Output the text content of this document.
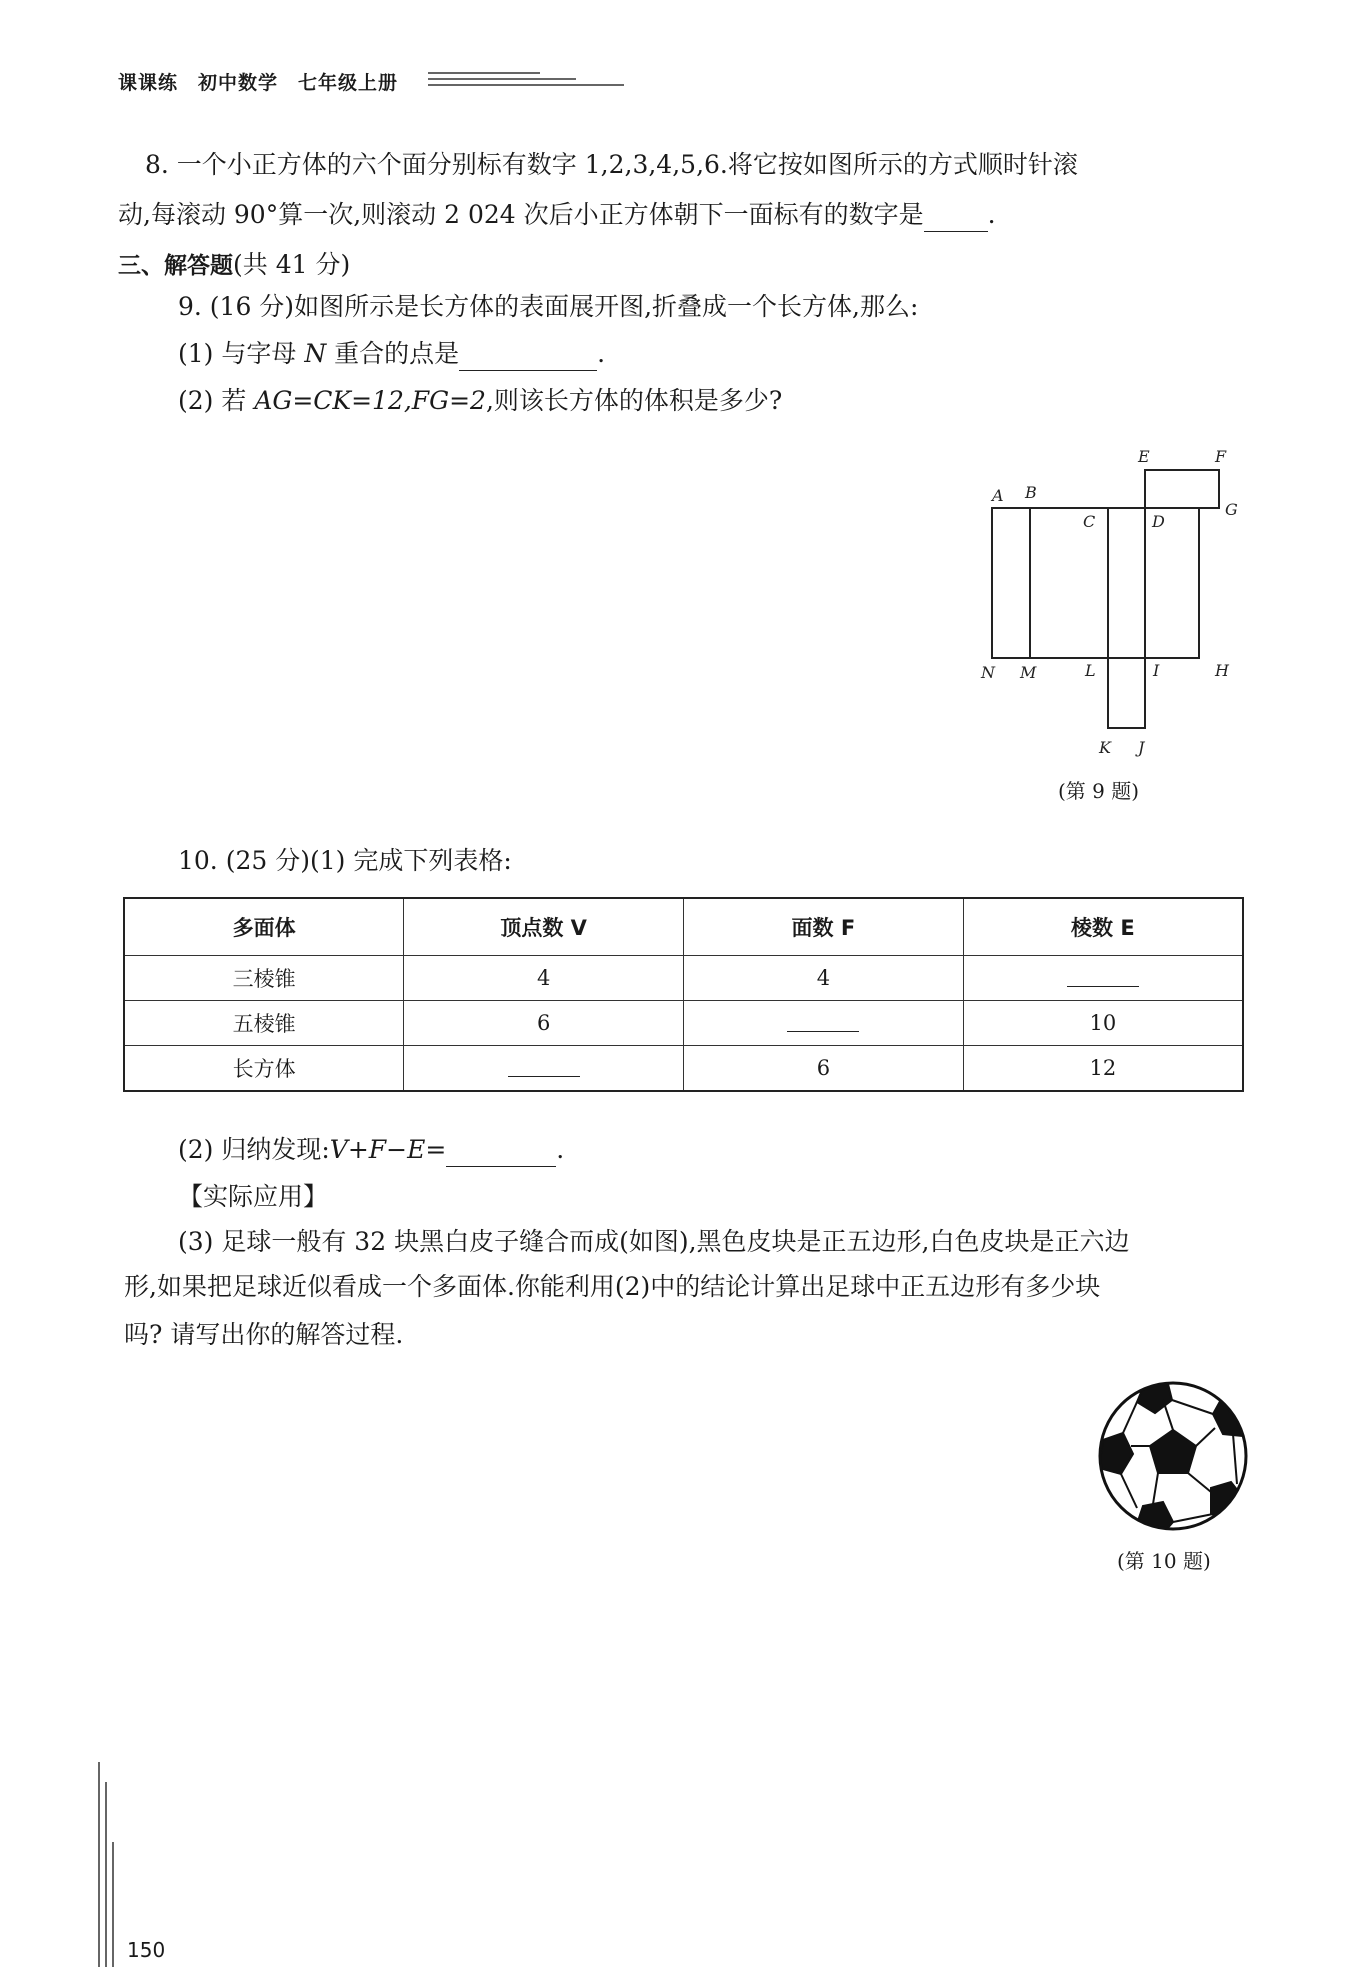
课课练　初中数学　七年级上册
8. 一个小正方体的六个面分别标有数字 1,2,3,4,5,6.将它按如图所示的方式顺时针滚
动,每滚动 90°算一次,则滚动 2 024 次后小正方体朝下一面标有的数字是	.
三、解答题(共 41 分)
9. (16 分)如图所示是长方体的表面展开图,折叠成一个长方体,那么:
(1) 与字母 N 重合的点是	.
(2) 若 AG=CK=12,FG=2,则该长方体的体积是多少?
A B
C	D
E	F
G
H
I
J
K
L
M
N
(第 9 题)
10. (25 分)(1) 完成下列表格:
多面体	顶点数 V	面数 F	棱数 E
三棱锥	4	4	
五棱锥	6		10
长方体		6	12
(2) 归纳发现:V+F−E=	.
【实际应用】
(3) 足球一般有 32 块黑白皮子缝合而成(如图),黑色皮块是正五边形,白色皮块是正六边
形,如果把足球近似看成一个多面体.你能利用(2)中的结论计算出足球中正五边形有多少块
吗? 请写出你的解答过程.
(第 10 题)
150
